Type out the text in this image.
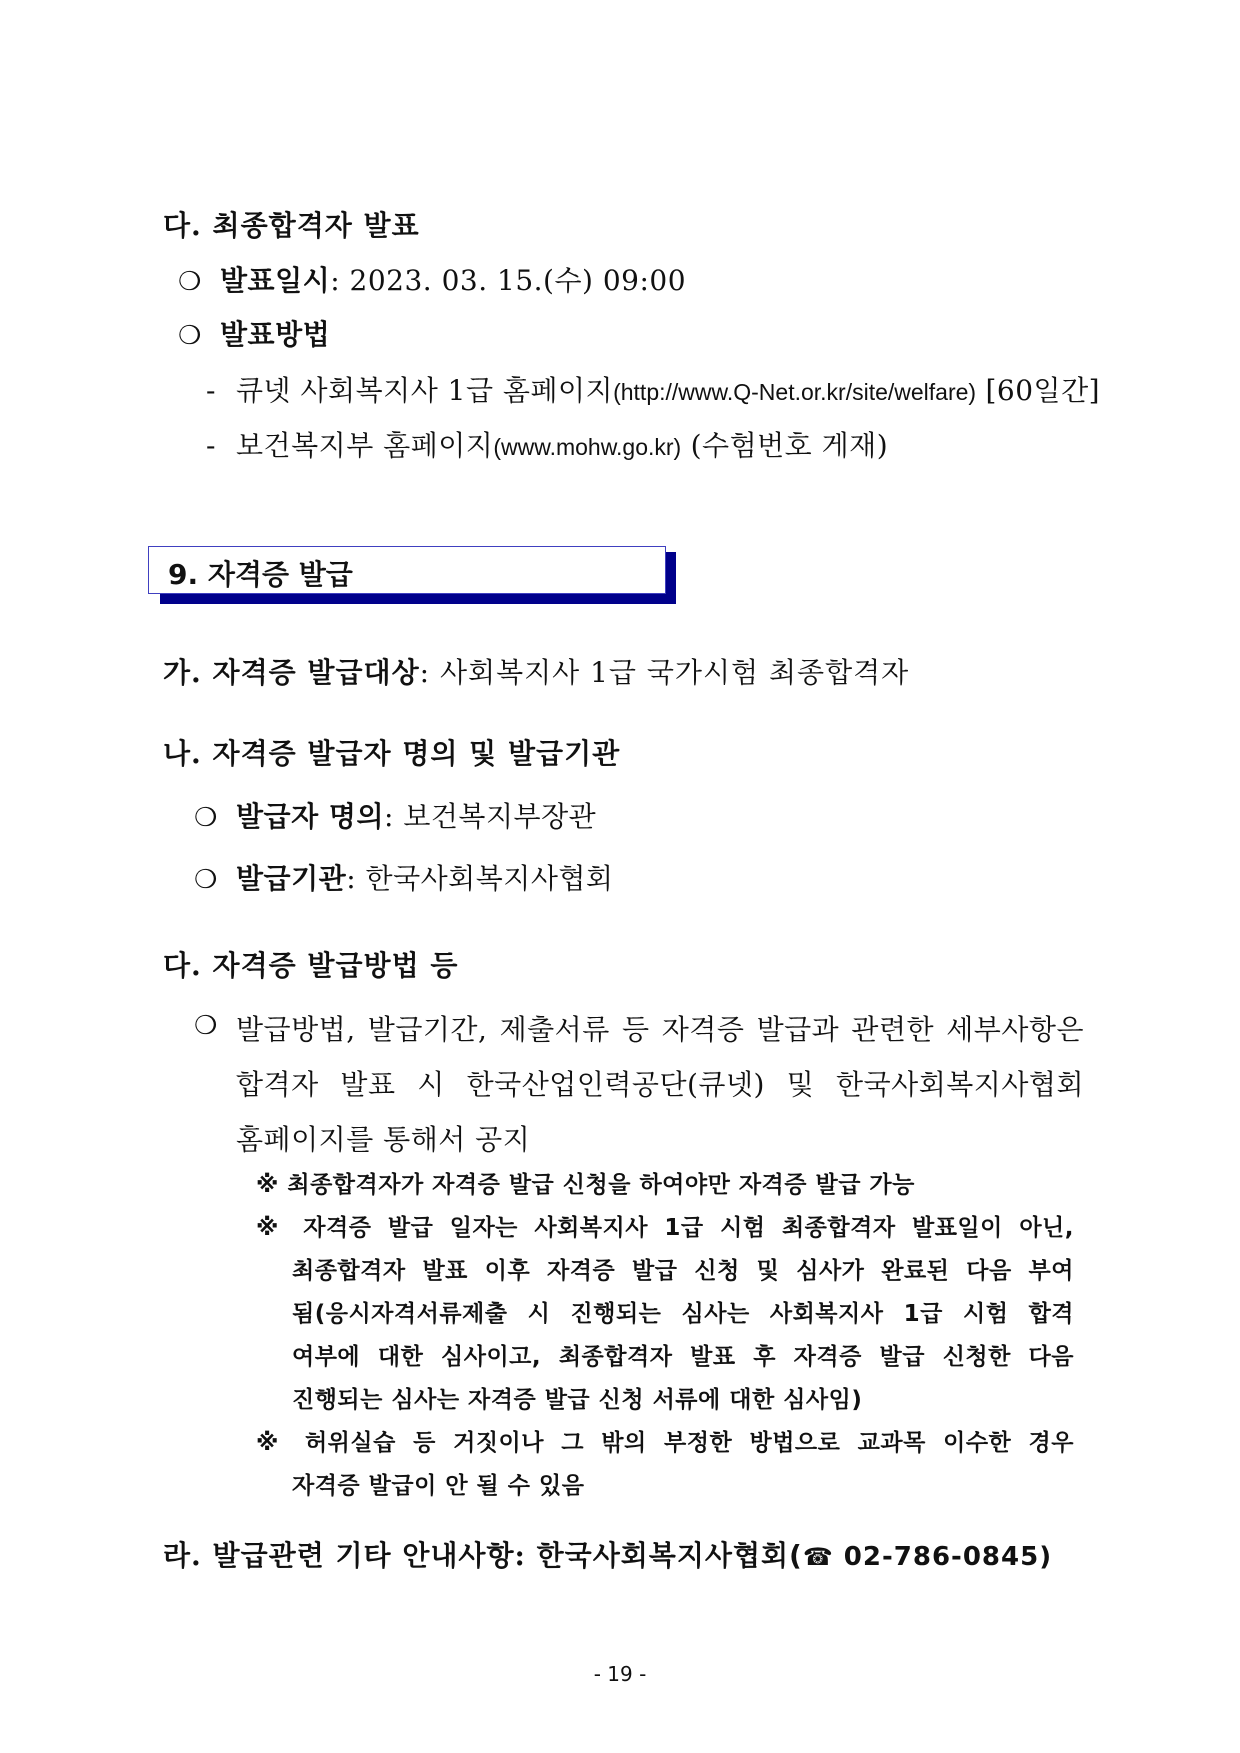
다. 최종합격자 발표
❍ 발표일시: 2023. 03. 15.(수) 09:00
❍ 발표방법
- 큐넷 사회복지사 1급 홈페이지(http://www.Q-Net.or.kr/site/welfare) [60일간]
- 보건복지부 홈페이지(www.mohw.go.kr) (수험번호 게재)
9. 자격증 발급
가. 자격증 발급대상: 사회복지사 1급 국가시험 최종합격자
나. 자격증 발급자 명의 및 발급기관
❍ 발급자 명의: 보건복지부장관
❍ 발급기관: 한국사회복지사협회
다. 자격증 발급방법 등
❍ 발급방법, 발급기간, 제출서류 등 자격증 발급과 관련한 세부사항은
합격자 발표 시 한국산업인력공단(큐넷) 및 한국사회복지사협회
홈페이지를 통해서 공지
※ 최종합격자가 자격증 발급 신청을 하여야만 자격증 발급 가능
※ 자격증 발급 일자는 사회복지사 1급 시험 최종합격자 발표일이 아닌,
최종합격자 발표 이후 자격증 발급 신청 및 심사가 완료된 다음 부여
됨(응시자격서류제출 시 진행되는 심사는 사회복지사 1급 시험 합격
여부에 대한 심사이고, 최종합격자 발표 후 자격증 발급 신청한 다음
진행되는 심사는 자격증 발급 신청 서류에 대한 심사임)
※ 허위실습 등 거짓이나 그 밖의 부정한 방법으로 교과목 이수한 경우
자격증 발급이 안 될 수 있음
라. 발급관련 기타 안내사항: 한국사회복지사협회(☎ 02-786-0845)
- 19 -
